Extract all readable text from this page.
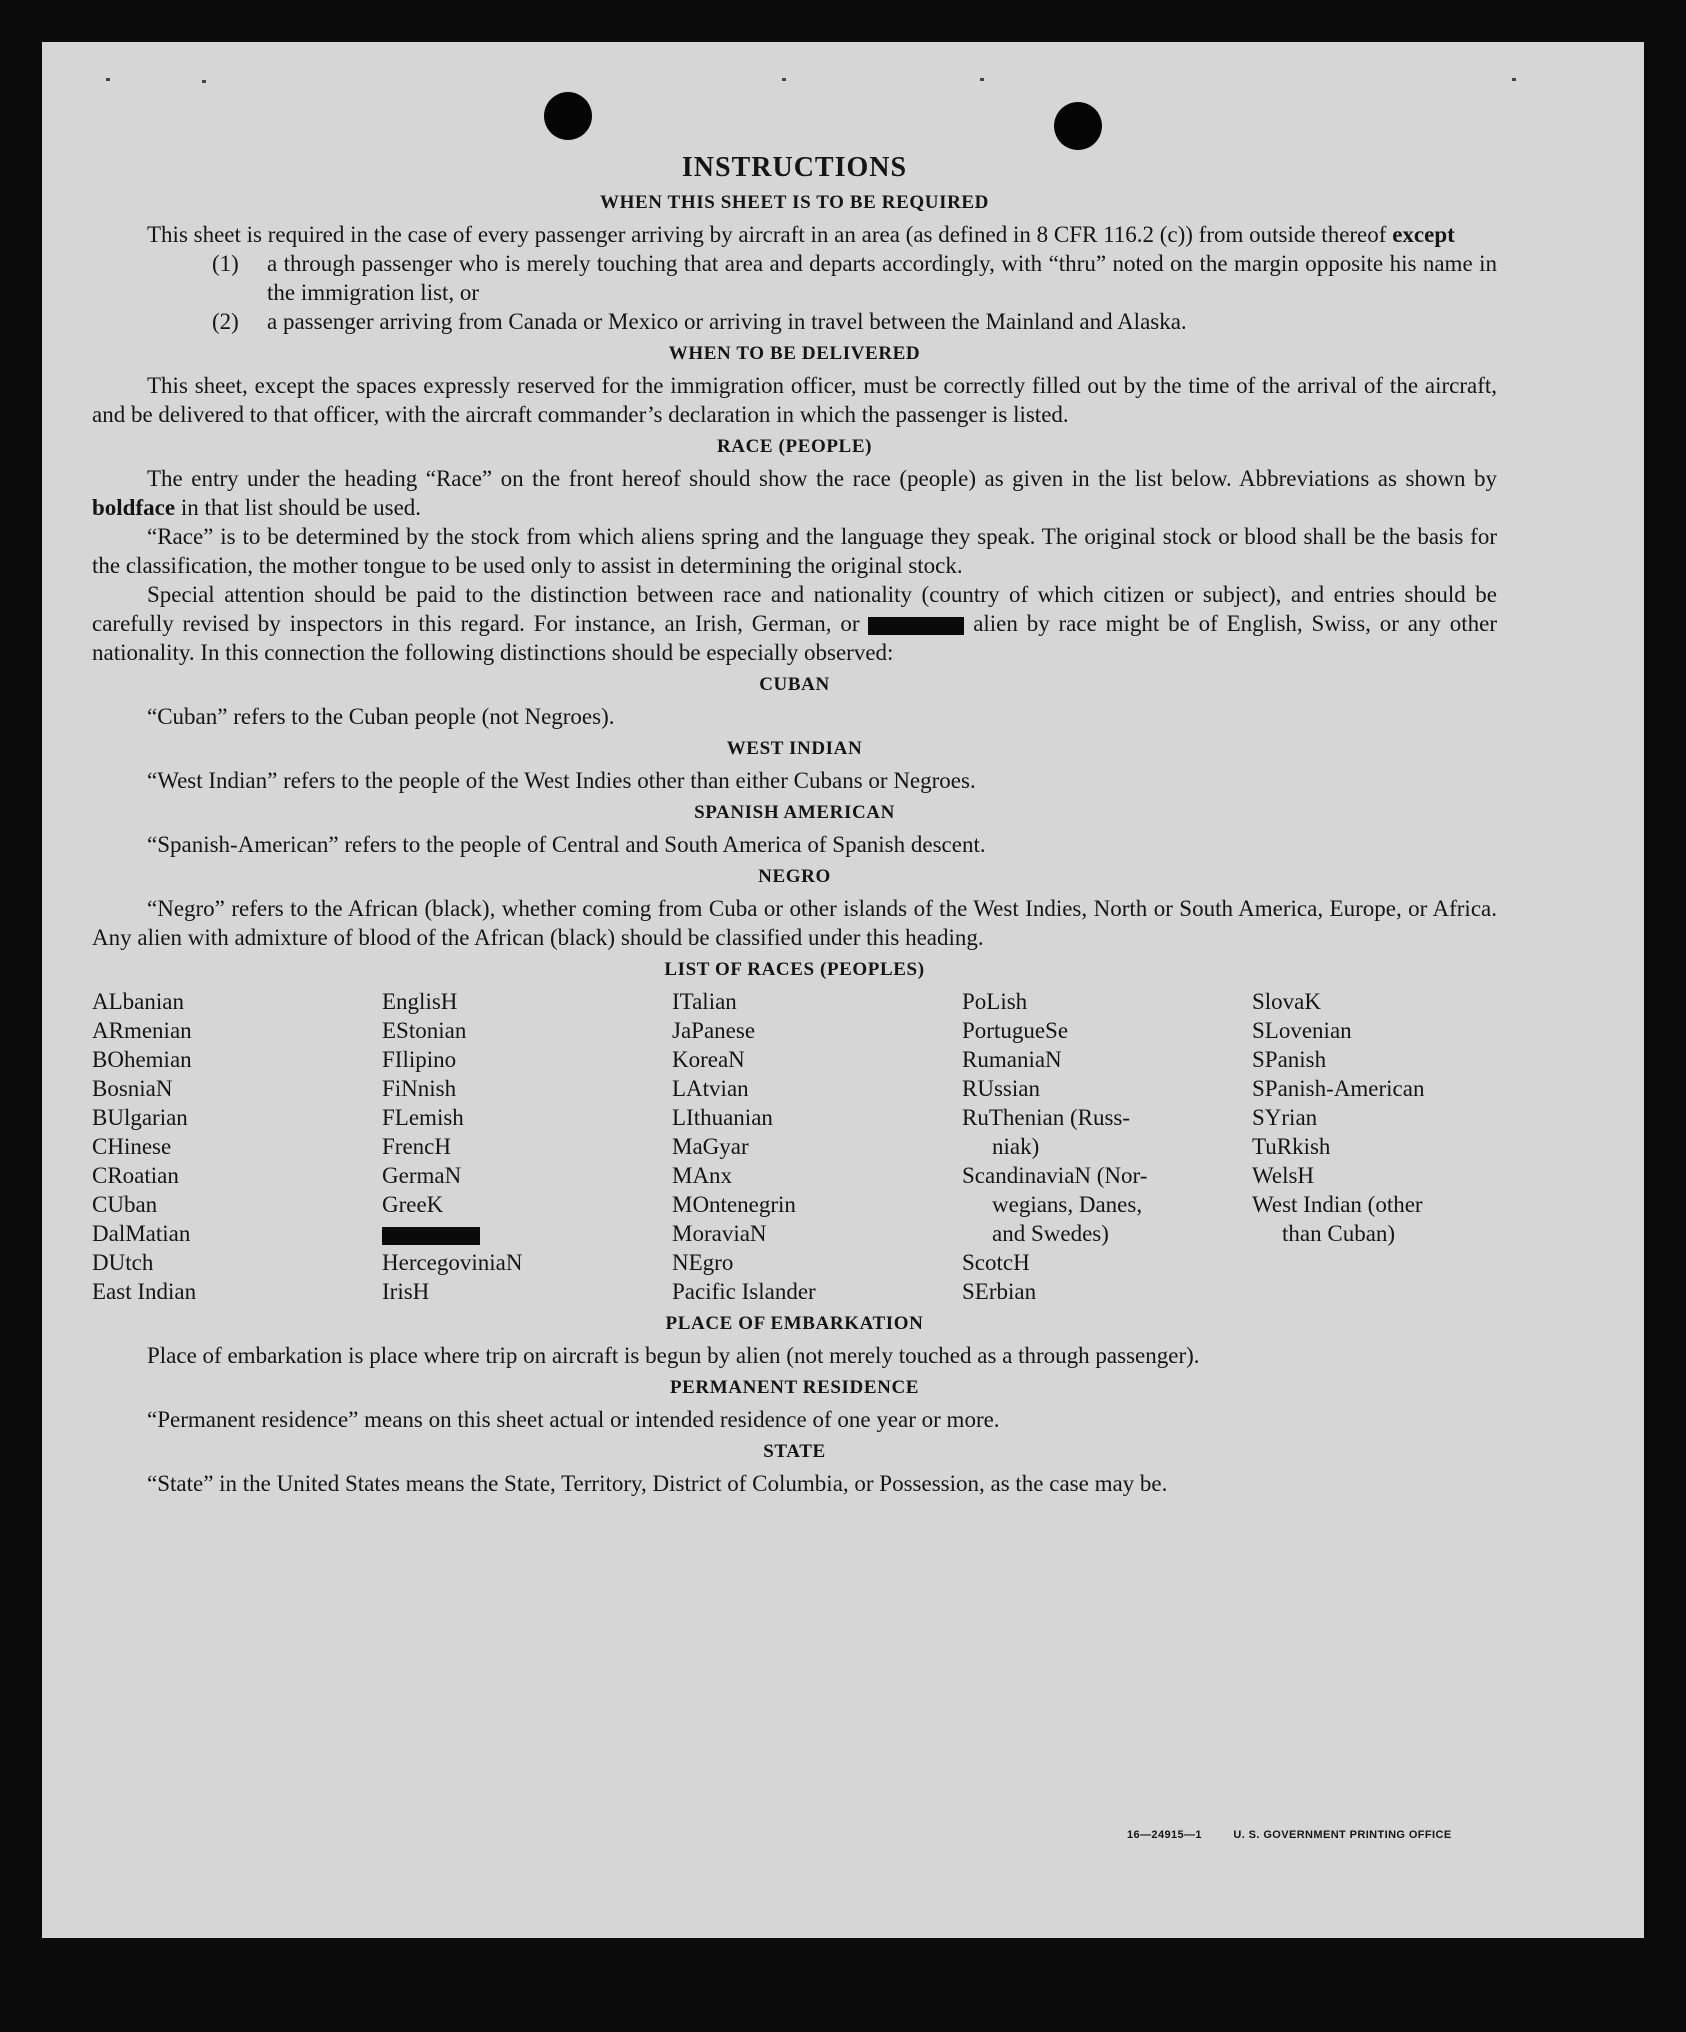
INSTRUCTIONS
WHEN THIS SHEET IS TO BE REQUIRED

This sheet is required in the case of every passenger arriving by aircraft in an area (as defined in 8 CFR 116.2 (c)) from outside thereof except

(1)	a through passenger who is merely touching that area and departs accordingly, with “thru” noted on the margin opposite his name in the immigration list, or
(2)	a passenger arriving from Canada or Mexico or arriving in travel between the Mainland and Alaska.
WHEN TO BE DELIVERED

This sheet, except the spaces expressly reserved for the immigration officer, must be correctly filled out by the time of the arrival of the aircraft, and be delivered to that officer, with the aircraft commander’s declaration in which the passenger is listed.

RACE (PEOPLE)

The entry under the heading “Race” on the front hereof should show the race (people) as given in the list below. Abbreviations as shown by boldface in that list should be used.

“Race” is to be determined by the stock from which aliens spring and the language they speak. The original stock or blood shall be the basis for the classification, the mother tongue to be used only to assist in determining the original stock.

Special attention should be paid to the distinction between race and nationality (country of which citizen or subject), and entries should be carefully revised by inspectors in this regard. For instance, an Irish, German, or	alien by race might be of English, Swiss, or any other nationality. In this connection the following distinctions should be especially observed:

CUBAN

“Cuban” refers to the Cuban people (not Negroes).

WEST INDIAN

“West Indian” refers to the people of the West Indies other than either Cubans or Negroes.

SPANISH AMERICAN

“Spanish-American” refers to the people of Central and South America of Spanish descent.

NEGRO

“Negro” refers to the African (black), whether coming from Cuba or other islands of the West Indies, North or South America, Europe, or Africa. Any alien with admixture of blood of the African (black) should be classified under this heading.

LIST OF RACES (PEOPLES)
ALbanian
ARmenian
BOhemian
BosniaN
BUlgarian
CHinese
CRoatian
CUban
DalMatian
DUtch
East Indian
EnglisH
EStonian
FIlipino
FiNnish
FLemish
FrencH
GermaN
GreeK
HercegoviniaN
IrisH
ITalian
JaPanese
KoreaN
LAtvian
LIthuanian
MaGyar
MAnx
MOntenegrin
MoraviaN
NEgro
Pacific Islander
PoLish
PortugueSe
RumaniaN
RUssian
RuThenian (Russ-
niak)
ScandinaviaN (Nor-
wegians, Danes,
and Swedes)
ScotcH
SErbian
SlovaK
SLovenian
SPanish
SPanish-American
SYrian
TuRkish
WelsH
West Indian (other
than Cuban)
PLACE OF EMBARKATION

Place of embarkation is place where trip on aircraft is begun by alien (not merely touched as a through passenger).

PERMANENT RESIDENCE

“Permanent residence” means on this sheet actual or intended residence of one year or more.

STATE

“State” in the United States means the State, Territory, District of Columbia, or Possession, as the case may be.

16—24915—1	U. S. GOVERNMENT PRINTING OFFICE
